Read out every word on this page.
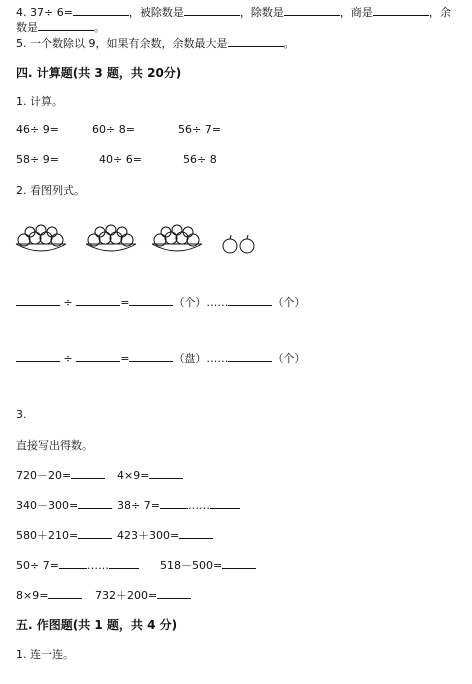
4. 37÷ 6=	，被除数是	，除数是	，商是	，余
数是	。
5. 一个数除以 9，如果有余数，余数最大是	。
四. 计算题(共 3 题，共 20分)
1. 计算。
46÷ 9=	60÷ 8=	56÷ 7=
58÷ 9=	40÷ 6=	56÷ 8
2. 看图列式。
÷	=	（个）……	（个）
÷	=	（盘）……	（个）
3.
直接写出得数。
720－20=	4×9=
340－300=	38÷ 7=	……
580＋210=	423＋300=
50÷ 7=	……	518－500=
8×9=	732＋200=
五. 作图题(共 1 题，共 4 分)
1. 连一连。
